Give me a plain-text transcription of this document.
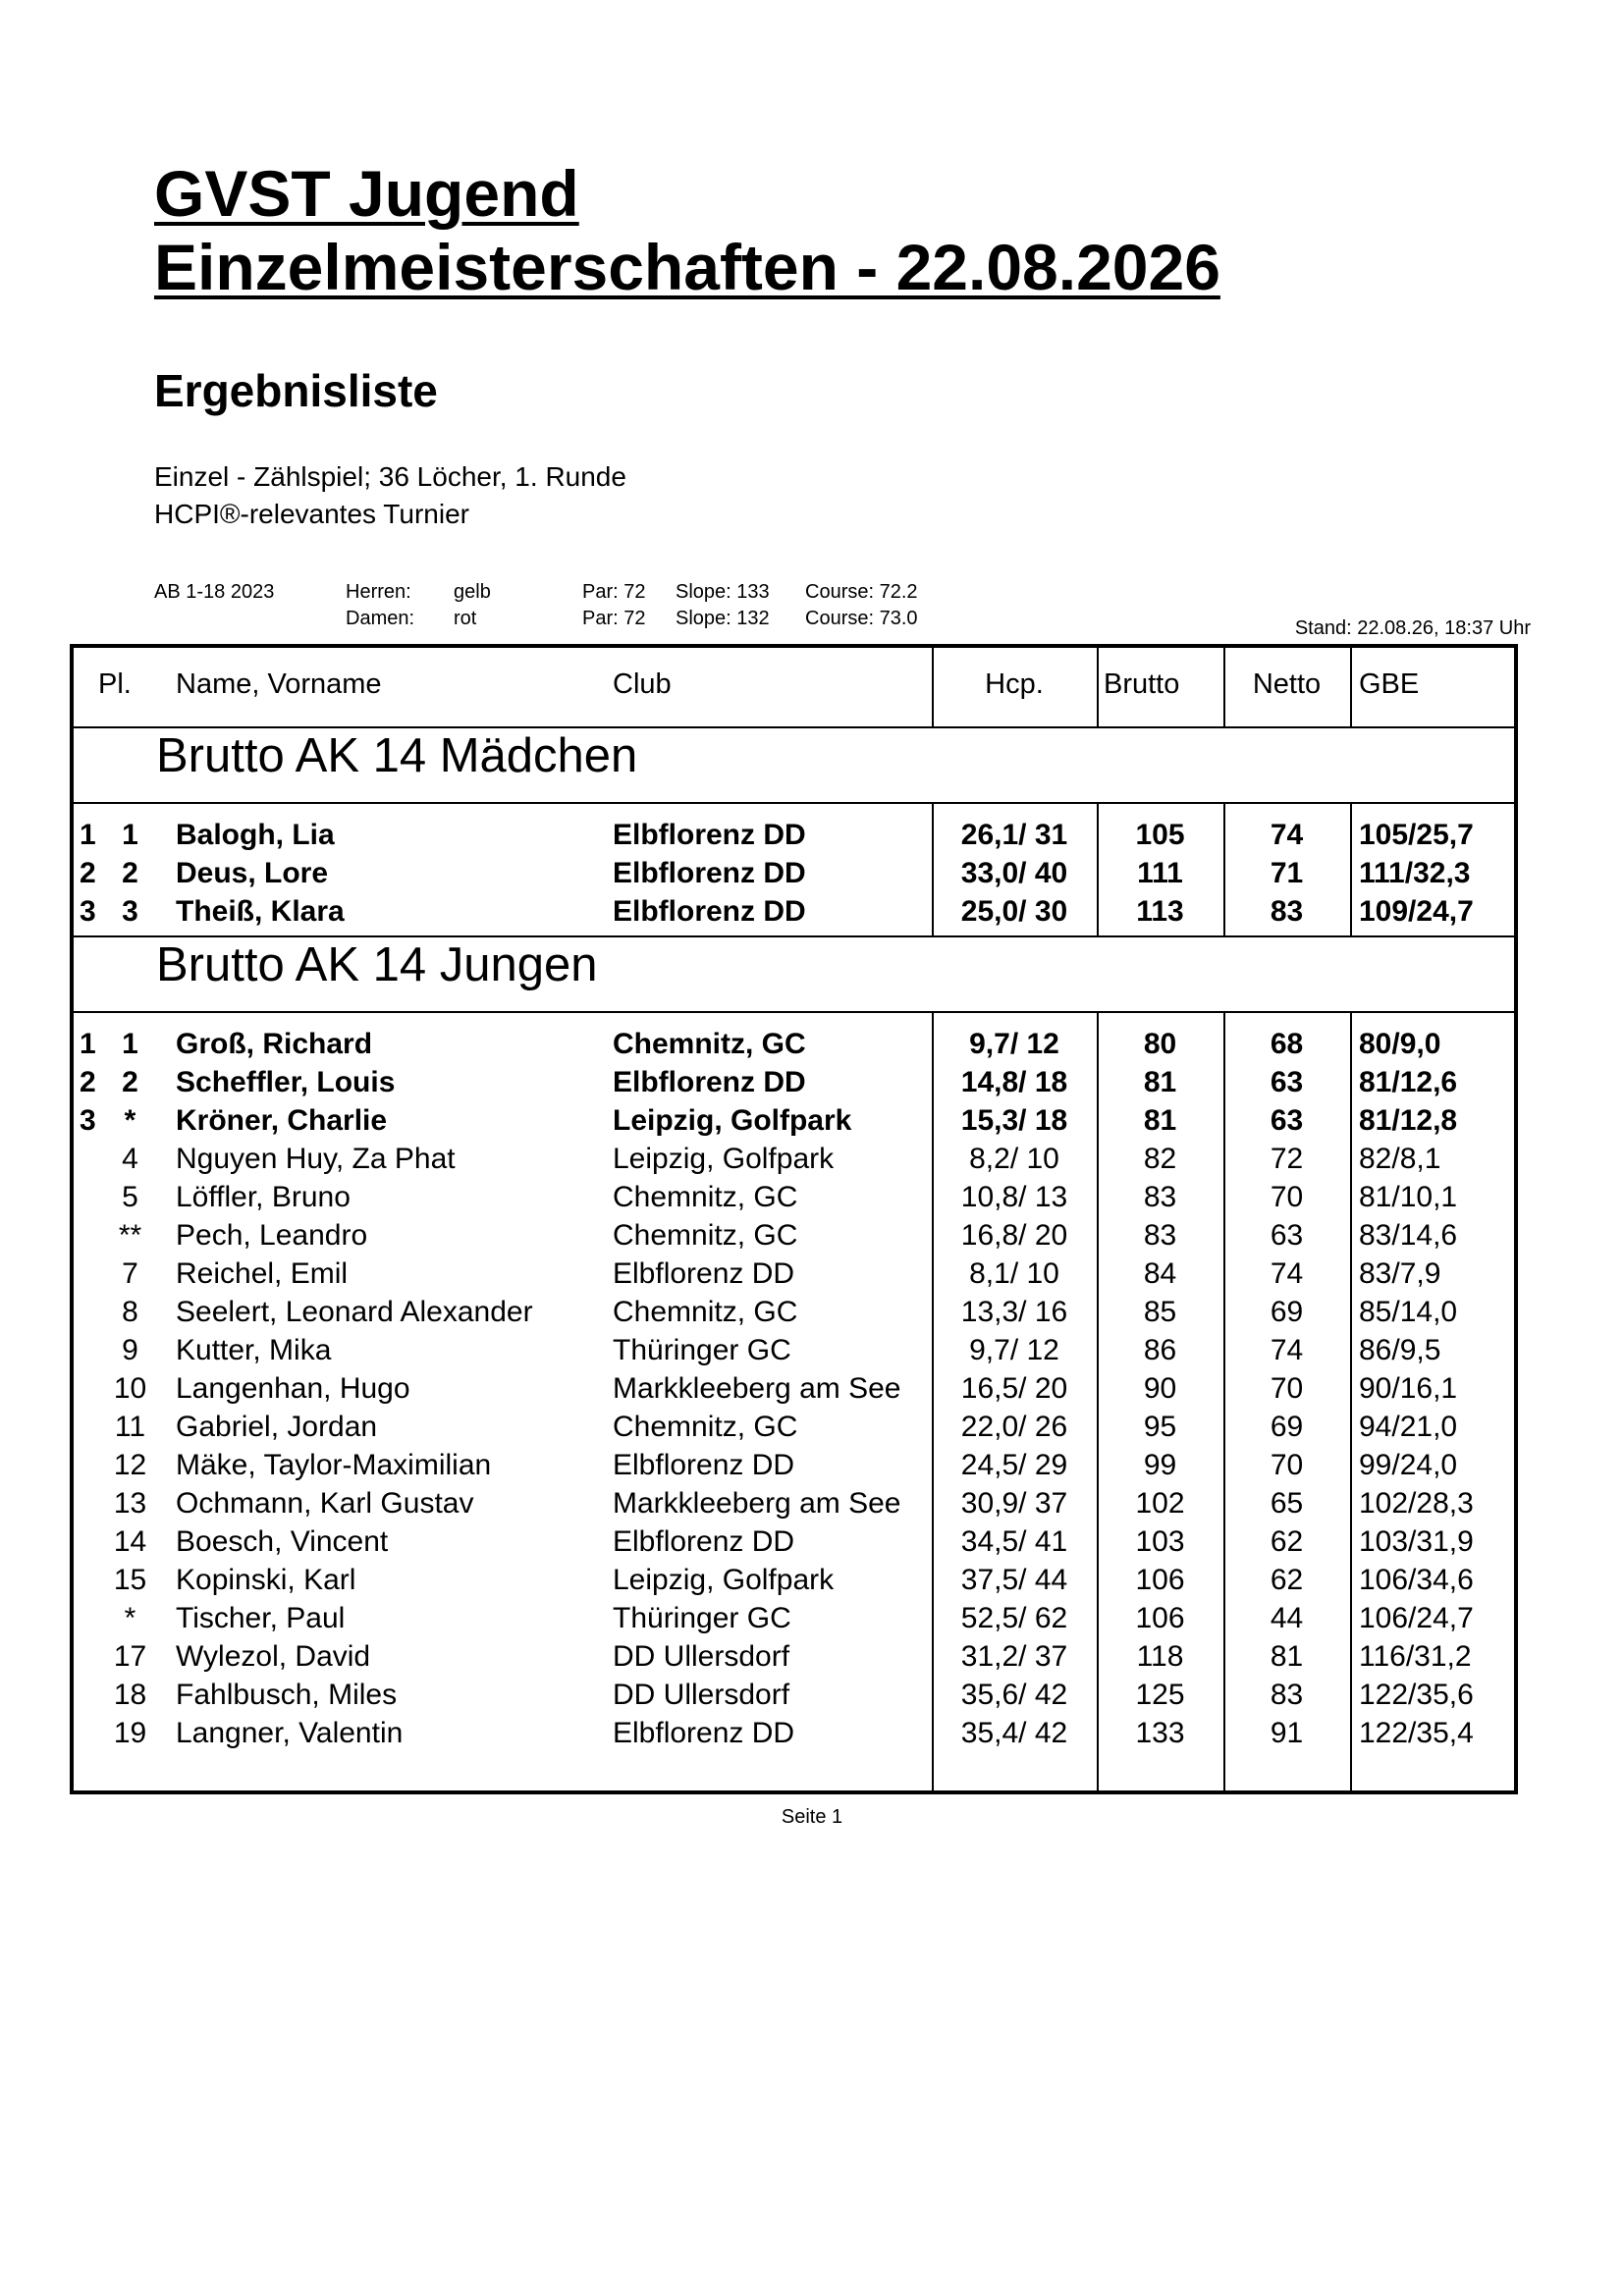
GVST Jugend
Einzelmeisterschaften - 22.08.2026
Ergebnisliste
Einzel - Zählspiel; 36 Löcher, 1. Runde
HCPI®-relevantes Turnier
AB 1-18 2023	Herren: gelb	Par: 72 Slope: 133 Course: 72.2
Damen: rot	Par: 72 Slope: 132 Course: 73.0	Stand: 22.08.26, 18:37 Uhr
Pl. Name, Vorname	Club	Hcp.	Brutto	Netto	GBE
Brutto AK 14 Mädchen
1 1	Balogh, Lia	Elbflorenz DD	26,1/ 31	105	74	105/25,7
2 2	Deus, Lore	Elbflorenz DD	33,0/ 40	111	71	111/32,3
3 3	Theiß, Klara	Elbflorenz DD	25,0/ 30	113	83	109/24,7
Brutto AK 14 Jungen
1 1	Groß, Richard	Chemnitz, GC	9,7/ 12	80	68	80/9,0
2 2	Scheffler, Louis	Elbflorenz DD	14,8/ 18	81	63	81/12,6
3 *	Kröner, Charlie	Leipzig, Golfpark	15,3/ 18	81	63	81/12,8
4	Nguyen Huy, Za Phat	Leipzig, Golfpark	8,2/ 10	82	72	82/8,1
5	Löffler, Bruno	Chemnitz, GC	10,8/ 13	83	70	81/10,1
**	Pech, Leandro	Chemnitz, GC	16,8/ 20	83	63	83/14,6
7	Reichel, Emil	Elbflorenz DD	8,1/ 10	84	74	83/7,9
8	Seelert, Leonard Alexander	Chemnitz, GC	13,3/ 16	85	69	85/14,0
9	Kutter, Mika	Thüringer GC	9,7/ 12	86	74	86/9,5
10 Langenhan, Hugo	Markkleeberg am See	16,5/ 20	90	70	90/16,1
11	Gabriel, Jordan	Chemnitz, GC	22,0/ 26	95	69	94/21,0
12 Mäke, Taylor-Maximilian	Elbflorenz DD	24,5/ 29	99	70	99/24,0
13 Ochmann, Karl Gustav	Markkleeberg am See	30,9/ 37	102	65	102/28,3
14 Boesch, Vincent	Elbflorenz DD	34,5/ 41	103	62	103/31,9
15 Kopinski, Karl	Leipzig, Golfpark	37,5/ 44	106	62	106/34,6
*	Tischer, Paul	Thüringer GC	52,5/ 62	106	44	106/24,7
17 Wylezol, David	DD Ullersdorf	31,2/ 37	118	81	116/31,2
18 Fahlbusch, Miles	DD Ullersdorf	35,6/ 42	125	83	122/35,6
19 Langner, Valentin	Elbflorenz DD	35,4/ 42	133	91	122/35,4
Seite 1
